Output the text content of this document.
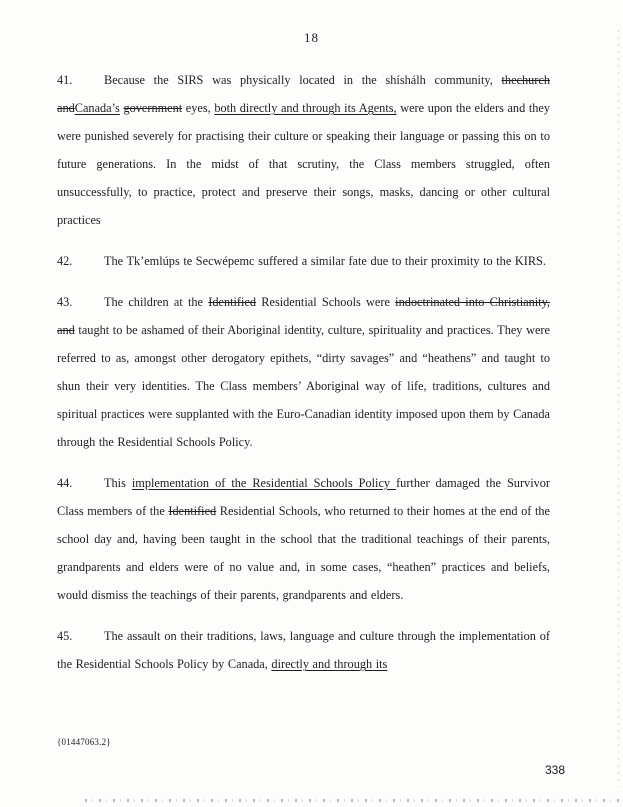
18

41.	Because the SIRS was physically located in the shíshálh community, thechurch andCanada’s government eyes, both directly and through its Agents, were upon the elders and they were punished severely for practising their culture or speaking their language or passing this on to future generations. In the midst of that scrutiny, the Class members struggled, often unsuccessfully, to practice, protect and preserve their songs, masks, dancing or other cultural practices

42.	The Tk’emlúps te Secwépemc suffered a similar fate due to their proximity to the KIRS.

43.	The children at the Identified Residential Schools were indoctrinated into Christianity, and taught to be ashamed of their Aboriginal identity, culture, spirituality and practices. They were referred to as, amongst other derogatory epithets, “dirty savages” and “heathens” and taught to shun their very identities. The Class members’ Aboriginal way of life, traditions, cultures and spiritual practices were supplanted with the Euro-Canadian identity imposed upon them by Canada through the Residential Schools Policy.

44.	This implementation of the Residential Schools Policy further damaged the Survivor Class members of the Identified Residential Schools, who returned to their homes at the end of the school day and, having been taught in the school that the traditional teachings of their parents, grandparents and elders were of no value and, in some cases, “heathen” practices and beliefs, would dismiss the teachings of their parents, grandparents and elders.

45.	The assault on their traditions, laws, language and culture through the implementation of the Residential Schools Policy by Canada, directly and through its

{01447063.2}
338
